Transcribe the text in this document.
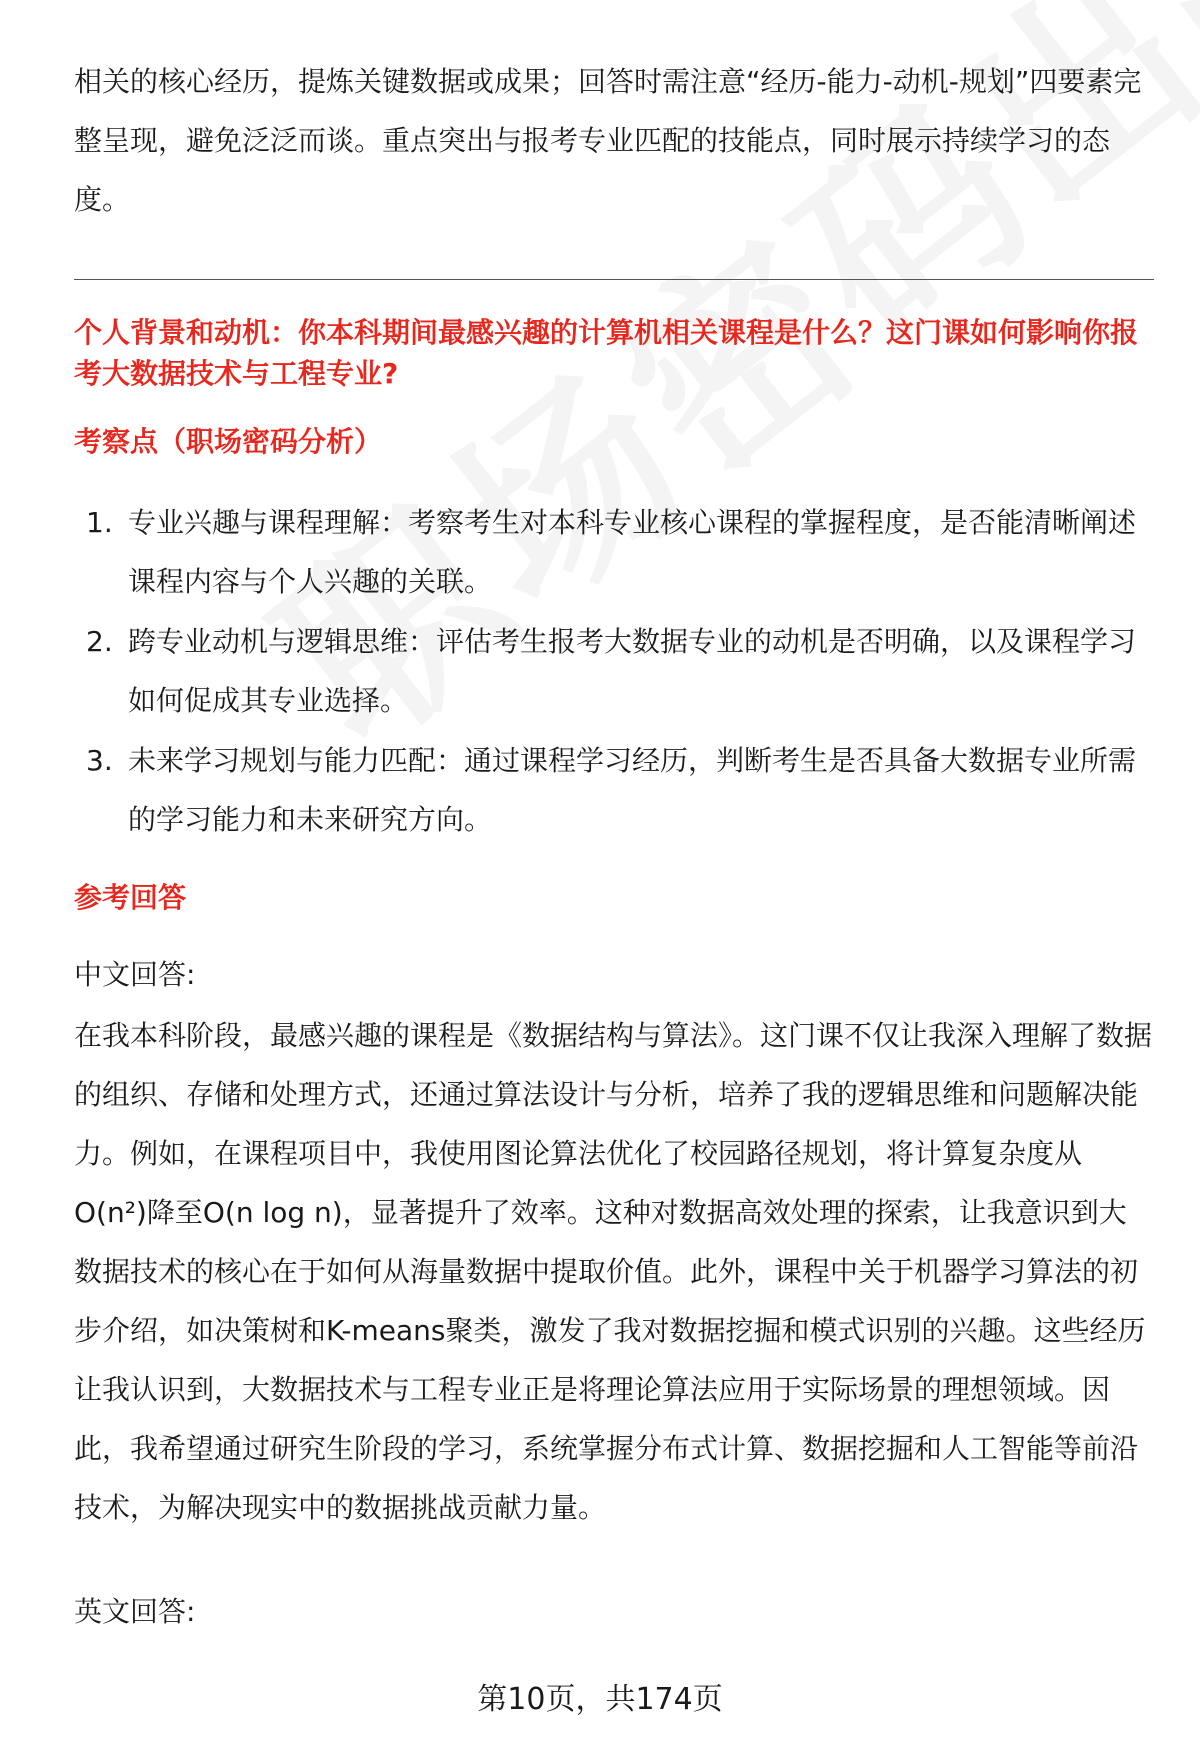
相关的核心经历，提炼关键数据或成果；回答时需注意“经历-能力-动机-规划”四要素完整呈现，避免泛泛而谈。重点突出与报考专业匹配的技能点，同时展示持续学习的态度。

个人背景和动机：你本科期间最感兴趣的计算机相关课程是什么？这门课如何影响你报考大数据技术与工程专业?

考察点（职场密码分析）

1. 专业兴趣与课程理解：考察考生对本科专业核心课程的掌握程度，是否能清晰阐述课程内容与个人兴趣的关联。
2. 跨专业动机与逻辑思维：评估考生报考大数据专业的动机是否明确，以及课程学习如何促成其专业选择。
3. 未来学习规划与能力匹配：通过课程学习经历，判断考生是否具备大数据专业所需的学习能力和未来研究方向。

参考回答

中文回答:

在我本科阶段，最感兴趣的课程是《数据结构与算法》。这门课不仅让我深入理解了数据的组织、存储和处理方式，还通过算法设计与分析，培养了我的逻辑思维和问题解决能力。例如，在课程项目中，我使用图论算法优化了校园路径规划，将计算复杂度从O(n²)降至O(n log n)，显著提升了效率。这种对数据高效处理的探索，让我意识到大数据技术的核心在于如何从海量数据中提取价值。此外，课程中关于机器学习算法的初步介绍，如决策树和K-means聚类，激发了我对数据挖掘和模式识别的兴趣。这些经历让我认识到，大数据技术与工程专业正是将理论算法应用于实际场景的理想领域。因此，我希望通过研究生阶段的学习，系统掌握分布式计算、数据挖掘和人工智能等前沿技术，为解决现实中的数据挑战贡献力量。

英文回答:

第10页，共174页
